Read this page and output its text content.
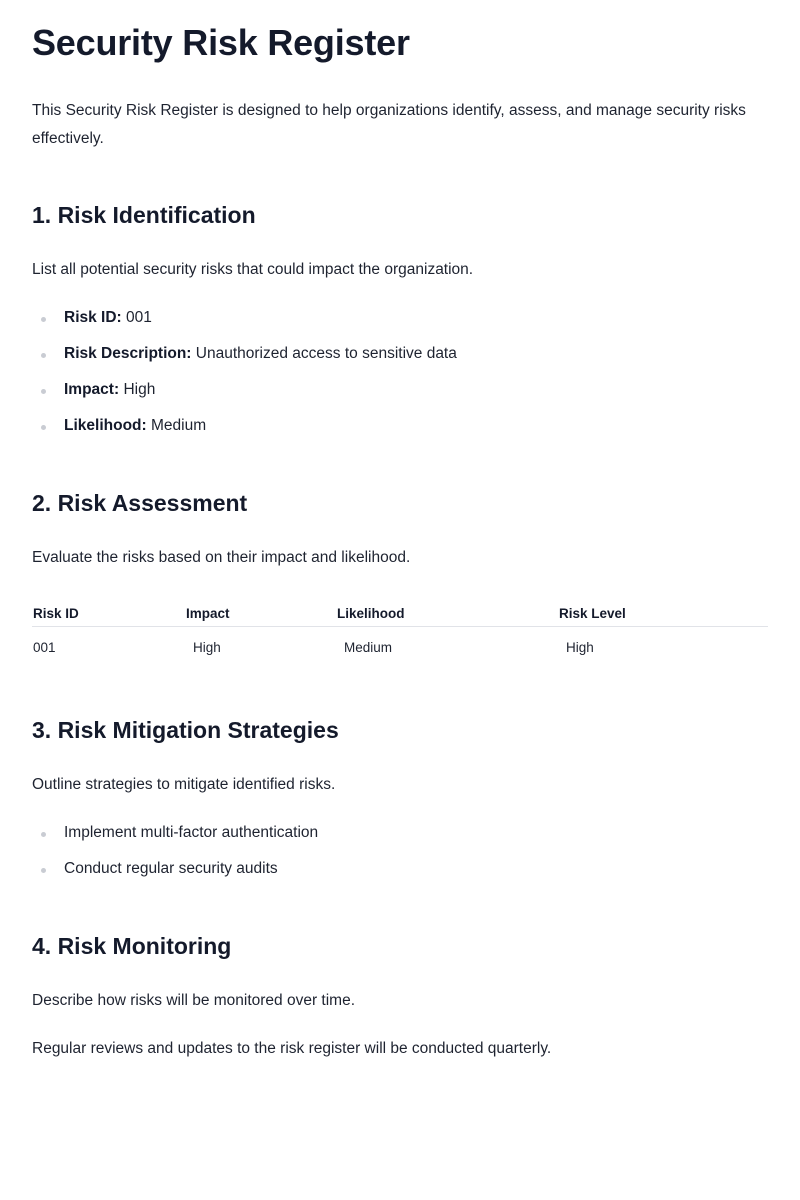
Security Risk Register

This Security Risk Register is designed to help organizations identify, assess, and manage security risks effectively.

1. Risk Identification

List all potential security risks that could impact the organization.

Risk ID: 001
Risk Description: Unauthorized access to sensitive data
Impact: High
Likelihood: Medium
2. Risk Assessment

Evaluate the risks based on their impact and likelihood.

Risk ID	Impact	Likelihood	Risk Level
001	High	Medium	High
3. Risk Mitigation Strategies

Outline strategies to mitigate identified risks.

Implement multi-factor authentication
Conduct regular security audits
4. Risk Monitoring

Describe how risks will be monitored over time.

Regular reviews and updates to the risk register will be conducted quarterly.
